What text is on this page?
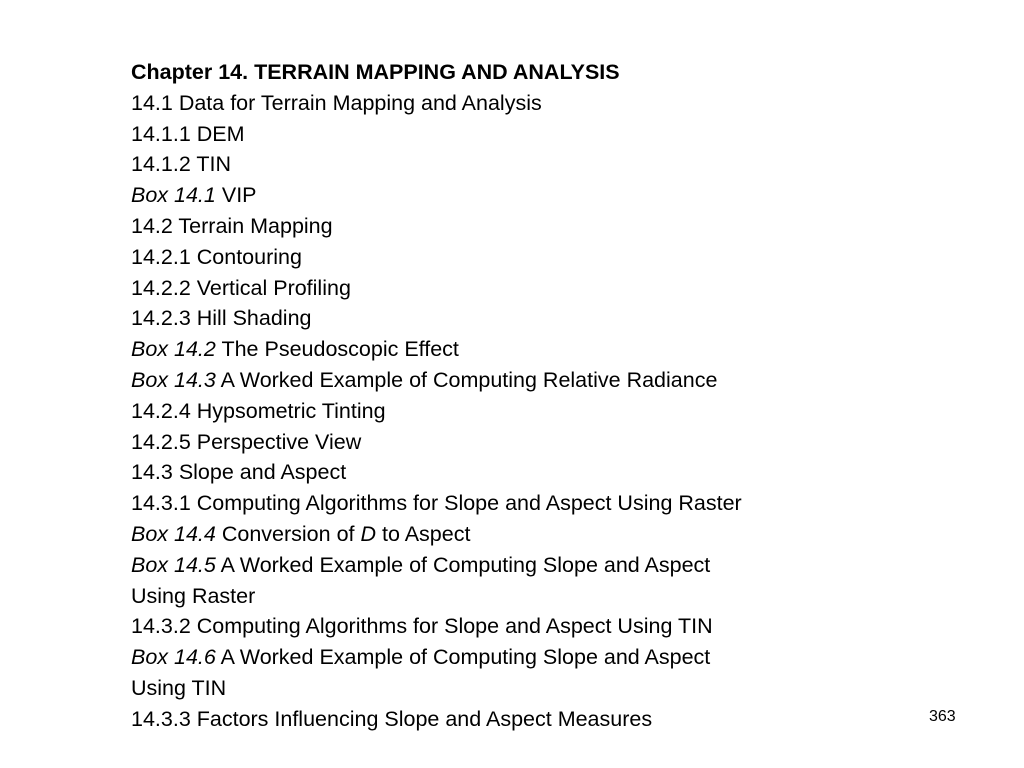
Chapter 14. TERRAIN MAPPING AND ANALYSIS
14.1 Data for Terrain Mapping and Analysis
14.1.1 DEM
14.1.2 TIN
Box 14.1 VIP
14.2 Terrain Mapping
14.2.1 Contouring
14.2.2 Vertical Profiling
14.2.3 Hill Shading
Box 14.2 The Pseudoscopic Effect
Box 14.3 A Worked Example of Computing Relative Radiance
14.2.4 Hypsometric Tinting
14.2.5 Perspective View
14.3 Slope and Aspect
14.3.1 Computing Algorithms for Slope and Aspect Using Raster
Box 14.4 Conversion of D to Aspect
Box 14.5 A Worked Example of Computing Slope and Aspect
Using Raster
14.3.2 Computing Algorithms for Slope and Aspect Using TIN
Box 14.6 A Worked Example of Computing Slope and Aspect
Using TIN
14.3.3 Factors Influencing Slope and Aspect Measures	363
